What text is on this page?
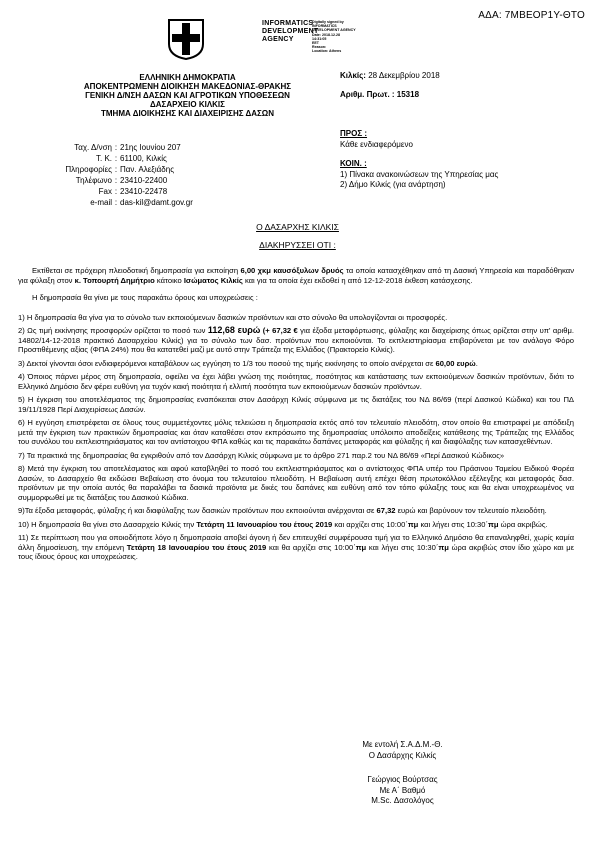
ΑΔΑ: 7ΜΒΕΟΡ1Υ-ΘΤΟ
INFORMATICS
DEVELOPMENT
AGENCY
Digitally signed by
INFORMATICS
DEVELOPMENT AGENCY
Date: 2018.12.28
14:31:05
EET
Reason:
Location: Athens
ΕΛΛΗΝΙΚΗ ΔΗΜΟΚΡΑΤΙΑ
ΑΠΟΚΕΝΤΡΩΜΕΝΗ ΔΙΟΙΚΗΣΗ ΜΑΚΕΔΟΝΙΑΣ-ΘΡΑΚΗΣ
ΓΕΝΙΚΗ Δ/ΝΣΗ ΔΑΣΩΝ ΚΑΙ ΑΓΡΟΤΙΚΩΝ ΥΠΟΘΕΣΕΩΝ
ΔΑΣΑΡΧΕΙΟ ΚΙΛΚΙΣ
ΤΜΗΜΑ ΔΙΟΙΚΗΣΗΣ ΚΑΙ ΔΙΑΧΕΙΡΙΣΗΣ ΔΑΣΩΝ
Κιλκίς: 28 Δεκεμβρίου 2018
Αριθμ. Πρωτ. : 15318
Ταχ. Δ/νση : 21ης Ιουνίου 207
Τ. Κ. : 61100, Κιλκίς
Πληροφορίες : Παν. Αλεξιάδης
Τηλέφωνο : 23410-22400
Fax : 23410-22478
e-mail : das-kil@damt.gov.gr
ΠΡΟΣ :
Κάθε ενδιαφερόμενο
ΚΟΙΝ. :
1) Πίνακα ανακοινώσεων της Υπηρεσίας μας
2) Δήμο Κιλκίς (για ανάρτηση)
Ο ΔΑΣΑΡΧΗΣ ΚΙΛΚΙΣ
ΔΙΑΚΗΡΥΣΣΕΙ ΟΤΙ :

Εκτίθεται σε πρόχειρη πλειοδοτική δημοπρασία για εκποίηση 6,00 χκμ καυσόξυλων δρυός τα οποία κατασχέθηκαν από τη Δασική Υπηρεσία και παραδόθηκαν για φύλαξη στον κ. Τοπουρτή Δημήτριο κάτοικο Ισώματος Κιλκίς και για τα οποία έχει εκδοθεί η από 12-12-2018 έκθεση κατάσχεσης.

Η δημοπρασία θα γίνει με τους παρακάτω όρους και υποχρεώσεις :

1) Η δημοπρασία θα γίνα για το σύνολο των εκποιούμενων δασικών προϊόντων και στο σύνολο θα υπολογίζονται οι προσφορές.

2) Ως τιμή εκκίνησης προσφορών ορίζεται το ποσό των 112,68 ευρώ (+ 67,32 € για έξοδα μεταφόρτωσης, φύλαξης και διαχείρισης όπως ορίζεται στην υπ' αριθμ. 14802/14-12-2018 πρακτικό Δασαρχείου Κιλκίς) για το σύνολο των δασ. προϊόντων που εκποιούνται. Το εκπλειστηρίασμα επιβαρύνεται με τον ανάλογο Φόρο Προστιθέμενης αξίας (ΦΠΑ 24%) που θα κατατεθεί μαζί με αυτό στην Τράπεζα της Ελλάδος (Πρακτορείο Κιλκίς).

3) Δεκτοί γίνονται όσοι ενδιαφερόμενοι καταβάλουν ως εγγύηση το 1/3 του ποσού της τιμής εκκίνησης το οποίο ανέρχεται σε 60,00 ευρώ.

4) Όποιος πάρνει μέρος στη δημοπρασία, οφείλει να έχει λάβει γνώση της ποιότητας, ποσότητας και κατάστασης των εκποιούμενων δασικών προϊόντων, διότι το Ελληνικό Δημόσιο δεν φέρει ευθύνη για τυχόν κακή ποιότητα ή ελλιπή ποσότητα των εκποιούμενων δασικών προϊόντων.

5) Η έγκριση του αποτελέσματος της δημοπρασίας εναπόκειται στον Δασάρχη Κιλκίς σύμφωνα με τις διατάξεις του ΝΔ 86/69 (περί Δασικού Κώδικα) και του ΠΔ 19/11/1928 Περί Διαχειρίσεως Δασών.

6) Η εγγύηση επιστρέφεται σε όλους τους συμμετέχοντες μόλις τελειώσει η δημοπρασία εκτός από τον τελευταίο πλειοδότη, στον οποίο θα επιστραφεί με απόδειξη μετά την έγκριση των πρακτικών δημοπρασίας και όταν καταθέσει στον εκπρόσωπο της δημοπρασίας υπόλοιπο αποδείξεις κατάθεσης της Τράπεζας της Ελλάδος του συνόλου του εκπλειστηριάσματος και τον αντίστοιχου ΦΠΑ καθώς και τις παρακάτω δαπάνες μεταφοράς και φύλαξης ή και διαφύλαξης των κατασχεθέντων.

7) Τα πρακτικά της δημοπρασίας θα εγκριθούν από τον Δασάρχη Κιλκίς σύμφωνα με το άρθρο 271 παρ.2 του ΝΔ 86/69 «Περί Δασικού Κώδικος»

8) Μετά την έγκριση του αποτελέσματος και αφού καταβληθεί το ποσό του εκπλειστηριάσματος και ο αντίστοιχος ΦΠΑ υπέρ του Πράσινου Ταμείου Ειδικού Φορέα Δασών, το Δασαρχείο θα εκδώσει Βεβαίωση στο όνομα του τελευταίου πλειοδότη. Η Βεβαίωση αυτή επέχει θέση πρωτοκόλλου εξέλεγξης και μεταφοράς δασ. προϊόντων με την οποία αυτός θα παραλάβει τα δασικά προϊόντα με δικές του δαπάνες και ευθύνη από τον τόπο φύλαξης τους και θα είναι υποχρεωμένος να συμμορφωθεί με τις διατάξεις του Δασικού Κώδικα.

9)Τα έξοδα μεταφοράς, φύλαξης ή και διαφύλαξης των δασικών προϊόντων που εκποιούνται ανέρχονται σε 67,32 ευρώ και βαρύνουν τον τελευταίο πλειοδότη.

10) Η δημοπρασία θα γίνει στο Δασαρχείο Κιλκίς την Τετάρτη 11 Ιανουαρίου του έτους 2019 και αρχίζει στις 10:00΄πμ και λήγει στις 10:30΄πμ ώρα ακριβώς.

11) Σε περίπτωση που για οποιοδήποτε λόγο η δημοπρασία αποβεί άγονη ή δεν επιτευχθεί συμφέρουσα τιμή για το Ελληνικό Δημόσιο θα επαναληφθεί, χωρίς καμία άλλη δημοσίευση, την επόμενη Τετάρτη 18 Ιανουαρίου του έτους 2019 και θα αρχίζει στις 10:00΄πμ και λήγει στις 10:30΄πμ ώρα ακριβώς στον ίδιο χώρο και με τους ίδιους όρους και υποχρεώσεις.

Με εντολή Σ.Α.Δ.Μ.-Θ.
Ο Δασάρχης Κιλκίς
Γεώργιος Βούρτσας
Με Α΄ Βαθμό
M.Sc. Δασολόγος
